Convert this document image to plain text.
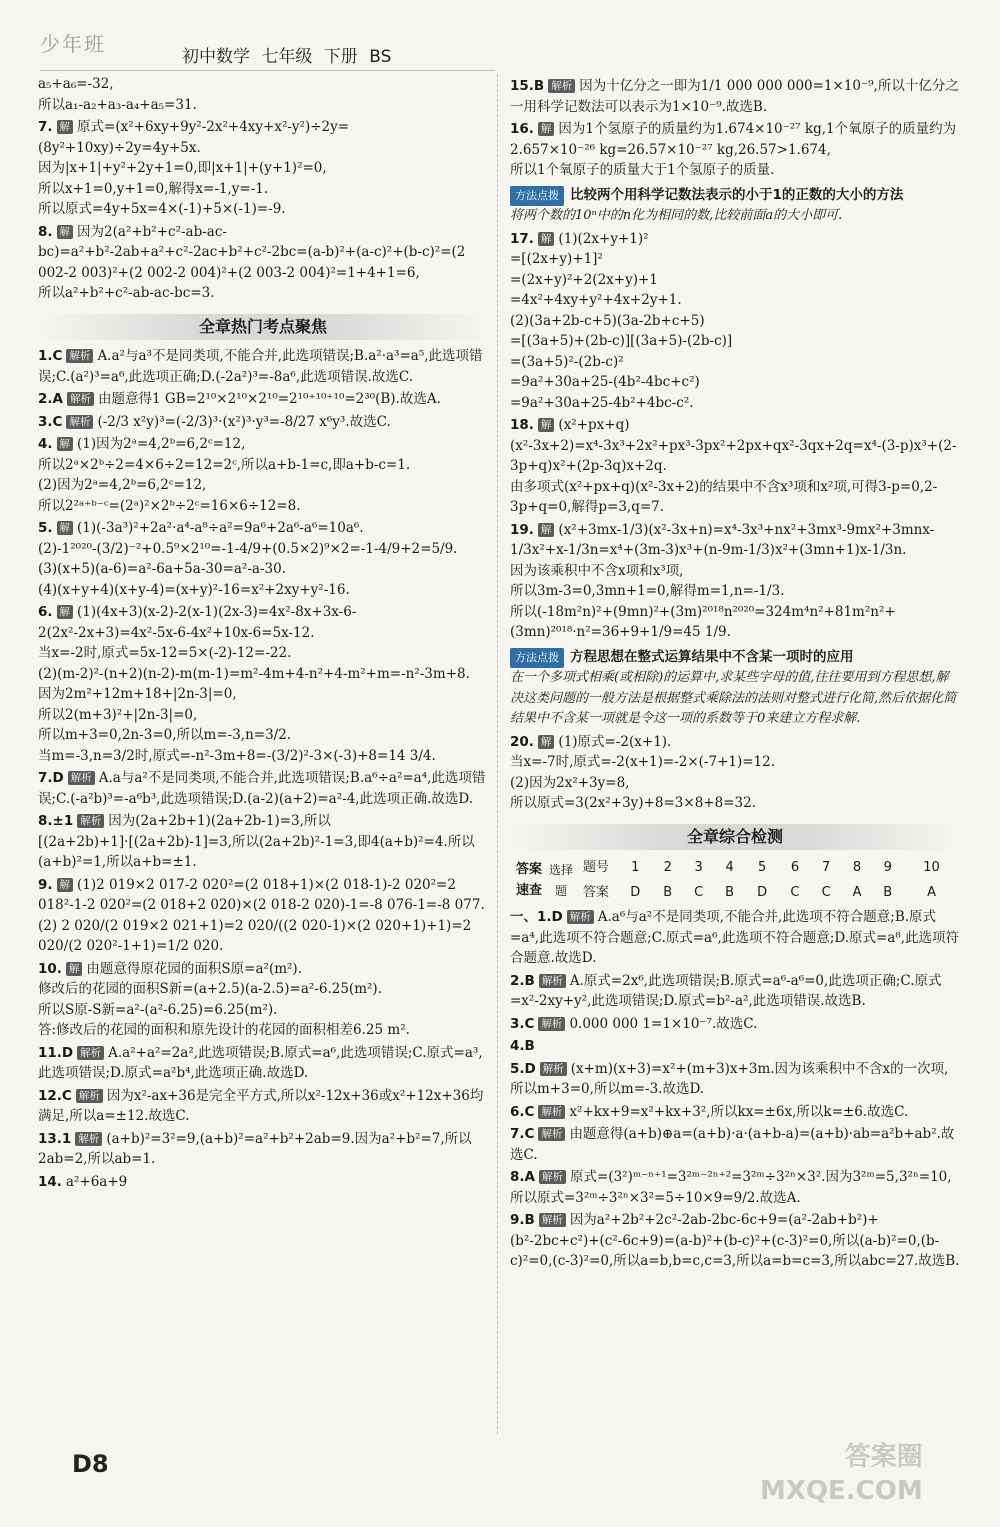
少年班
初中数学 七年级 下册 BS

a₅+a₆=-32,

所以a₁-a₂+a₃-a₄+a₅=31.

7. 解 原式=(x²+6xy+9y²-2x²+4xy+x²-y²)÷2y=(8y²+10xy)÷2y=4y+5x.

因为|x+1|+y²+2y+1=0,即|x+1|+(y+1)²=0,

所以x+1=0,y+1=0,解得x=-1,y=-1.

所以原式=4y+5x=4×(-1)+5×(-1)=-9.

8. 解 因为2(a²+b²+c²-ab-ac-bc)=a²+b²-2ab+a²+c²-2ac+b²+c²-2bc=(a-b)²+(a-c)²+(b-c)²=(2 002-2 003)²+(2 002-2 004)²+(2 003-2 004)²=1+4+1=6,

所以a²+b²+c²-ab-ac-bc=3.

全章热门考点聚焦

1.C 解析 A.a²与a³不是同类项,不能合并,此选项错误;B.a²·a³=a⁵,此选项错误;C.(a²)³=a⁶,此选项正确;D.(-2a²)³=-8a⁶,此选项错误.故选C.

2.A 解析 由题意得1 GB=2¹⁰×2¹⁰×2¹⁰=2¹⁰⁺¹⁰⁺¹⁰=2³⁰(B).故选A.

3.C 解析 (-2/3 x²y)³=(-2/3)³·(x²)³·y³=-8/27 x⁶y³.故选C.

4. 解 (1)因为2ᵃ=4,2ᵇ=6,2ᶜ=12,

所以2ᵃ×2ᵇ÷2=4×6÷2=12=2ᶜ,所以a+b-1=c,即a+b-c=1.

(2)因为2ᵃ=4,2ᵇ=6,2ᶜ=12,

所以2²ᵃ⁺ᵇ⁻ᶜ=(2ᵃ)²×2ᵇ÷2ᶜ=16×6÷12=8.

5. 解 (1)(-3a³)²+2a²·a⁴-a⁸÷a²=9a⁶+2a⁶-a⁶=10a⁶.

(2)-1²⁰²⁰-(3/2)⁻²+0.5⁹×2¹⁰=-1-4/9+(0.5×2)⁹×2=-1-4/9+2=5/9.

(3)(x+5)(a-6)=a²-6a+5a-30=a²-a-30.

(4)(x+y+4)(x+y-4)=(x+y)²-16=x²+2xy+y²-16.

6. 解 (1)(4x+3)(x-2)-2(x-1)(2x-3)=4x²-8x+3x-6-2(2x²-2x+3)=4x²-5x-6-4x²+10x-6=5x-12.

当x=-2时,原式=5x-12=5×(-2)-12=-22.

(2)(m-2)²-(n+2)(n-2)-m(m-1)=m²-4m+4-n²+4-m²+m=-n²-3m+8.

因为2m²+12m+18+|2n-3|=0,

所以2(m+3)²+|2n-3|=0,

所以m+3=0,2n-3=0,所以m=-3,n=3/2.

当m=-3,n=3/2时,原式=-n²-3m+8=-(3/2)²-3×(-3)+8=14 3/4.

7.D 解析 A.a与a²不是同类项,不能合并,此选项错误;B.a⁶÷a²=a⁴,此选项错误;C.(-a²b)³=-a⁶b³,此选项错误;D.(a-2)(a+2)=a²-4,此选项正确.故选D.

8.±1 解析 因为(2a+2b+1)(2a+2b-1)=3,所以[(2a+2b)+1]·[(2a+2b)-1]=3,所以(2a+2b)²-1=3,即4(a+b)²=4.所以(a+b)²=1,所以a+b=±1.

9. 解 (1)2 019×2 017-2 020²=(2 018+1)×(2 018-1)-2 020²=2 018²-1-2 020²=(2 018+2 020)×(2 018-2 020)-1=-8 076-1=-8 077.

(2) 2 020/(2 019×2 021+1)=2 020/((2 020-1)×(2 020+1)+1)=2 020/(2 020²-1+1)=1/2 020.

10. 解 由题意得原花园的面积S原=a²(m²).

修改后的花园的面积S新=(a+2.5)(a-2.5)=a²-6.25(m²).

所以S原-S新=a²-(a²-6.25)=6.25(m²).

答:修改后的花园的面积和原先设计的花园的面积相差6.25 m².

11.D 解析 A.a²+a²=2a²,此选项错误;B.原式=a⁶,此选项错误;C.原式=a³,此选项错误;D.原式=a²b⁴,此选项正确.故选D.

12.C 解析 因为x²-ax+36是完全平方式,所以x²-12x+36或x²+12x+36均满足,所以a=±12.故选C.

13.1 解析 (a+b)²=3²=9,(a+b)²=a²+b²+2ab=9.因为a²+b²=7,所以2ab=2,所以ab=1.

14. a²+6a+9

15.B 解析 因为十亿分之一即为1/1 000 000 000=1×10⁻⁹,所以十亿分之一用科学记数法可以表示为1×10⁻⁹.故选B.

16. 解 因为1个氢原子的质量约为1.674×10⁻²⁷ kg,1个氧原子的质量约为2.657×10⁻²⁶ kg=26.57×10⁻²⁷ kg,26.57>1.674,

所以1个氧原子的质量大于1个氢原子的质量.

方法点拨 比较两个用科学记数法表示的小于1的正数的大小的方法

将两个数的10ⁿ中的n化为相同的数,比较前面a的大小即可.

17. 解 (1)(2x+y+1)²

=[(2x+y)+1]²

=(2x+y)²+2(2x+y)+1

=4x²+4xy+y²+4x+2y+1.

(2)(3a+2b-c+5)(3a-2b+c+5)

=[(3a+5)+(2b-c)][(3a+5)-(2b-c)]

=(3a+5)²-(2b-c)²

=9a²+30a+25-(4b²-4bc+c²)

=9a²+30a+25-4b²+4bc-c².

18. 解 (x²+px+q)(x²-3x+2)=x⁴-3x³+2x²+px³-3px²+2px+qx²-3qx+2q=x⁴-(3-p)x³+(2-3p+q)x²+(2p-3q)x+2q.

由多项式(x²+px+q)(x²-3x+2)的结果中不含x³项和x²项,可得3-p=0,2-3p+q=0,解得p=3,q=7.

19. 解 (x²+3mx-1/3)(x²-3x+n)=x⁴-3x³+nx²+3mx³-9mx²+3mnx-1/3x²+x-1/3n=x⁴+(3m-3)x³+(n-9m-1/3)x²+(3mn+1)x-1/3n.

因为该乘积中不含x项和x³项,

所以3m-3=0,3mn+1=0,解得m=1,n=-1/3.

所以(-18m²n)²+(9mn)²+(3m)²⁰¹⁸n²⁰²⁰=324m⁴n²+81m²n²+(3mn)²⁰¹⁸·n²=36+9+1/9=45 1/9.

方法点拨 方程思想在整式运算结果中不含某一项时的应用

在一个多项式相乘(或相除)的运算中,求某些字母的值,往往要用到方程思想,解决这类问题的一般方法是根据整式乘除法的法则对整式进行化简,然后依据化简结果中不含某一项就是令这一项的系数等于0来建立方程求解.

20. 解 (1)原式=-2(x+1).

当x=-7时,原式=-2(x+1)=-2×(-7+1)=12.

(2)因为2x²+3y=8,

所以原式=3(2x²+3y)+8=3×8+8=32.

全章综合检测
答案速查	选择题	题号	1	2	3	4	5	6	7	8	9	10
		答案	D	B	C	B	D	C	C	A	B	A

一、1.D 解析 A.a⁶与a²不是同类项,不能合并,此选项不符合题意;B.原式=a⁴,此选项不符合题意;C.原式=a⁶,此选项不符合题意;D.原式=a⁸,此选项符合题意.故选D.

2.B 解析 A.原式=2x⁶,此选项错误;B.原式=a⁶-a⁶=0,此选项正确;C.原式=x²-2xy+y²,此选项错误;D.原式=b²-a²,此选项错误.故选B.

3.C 解析 0.000 000 1=1×10⁻⁷.故选C.

4.B

5.D 解析 (x+m)(x+3)=x²+(m+3)x+3m.因为该乘积中不含x的一次项,所以m+3=0,所以m=-3.故选D.

6.C 解析 x²+kx+9=x²+kx+3²,所以kx=±6x,所以k=±6.故选C.

7.C 解析 由题意得(a+b)⊕a=(a+b)·a·(a+b-a)=(a+b)·ab=a²b+ab².故选C.

8.A 解析 原式=(3²)ᵐ⁻ⁿ⁺¹=3²ᵐ⁻²ⁿ⁺²=3²ᵐ÷3²ⁿ×3².因为3²ᵐ=5,3²ⁿ=10,所以原式=3²ᵐ÷3²ⁿ×3²=5÷10×9=9/2.故选A.

9.B 解析 因为a²+2b²+2c²-2ab-2bc-6c+9=(a²-2ab+b²)+(b²-2bc+c²)+(c²-6c+9)=(a-b)²+(b-c)²+(c-3)²=0,所以(a-b)²=0,(b-c)²=0,(c-3)²=0,所以a=b,b=c,c=3,所以a=b=c=3,所以abc=27.故选B.

D8	答案圈
MXQE.COM
